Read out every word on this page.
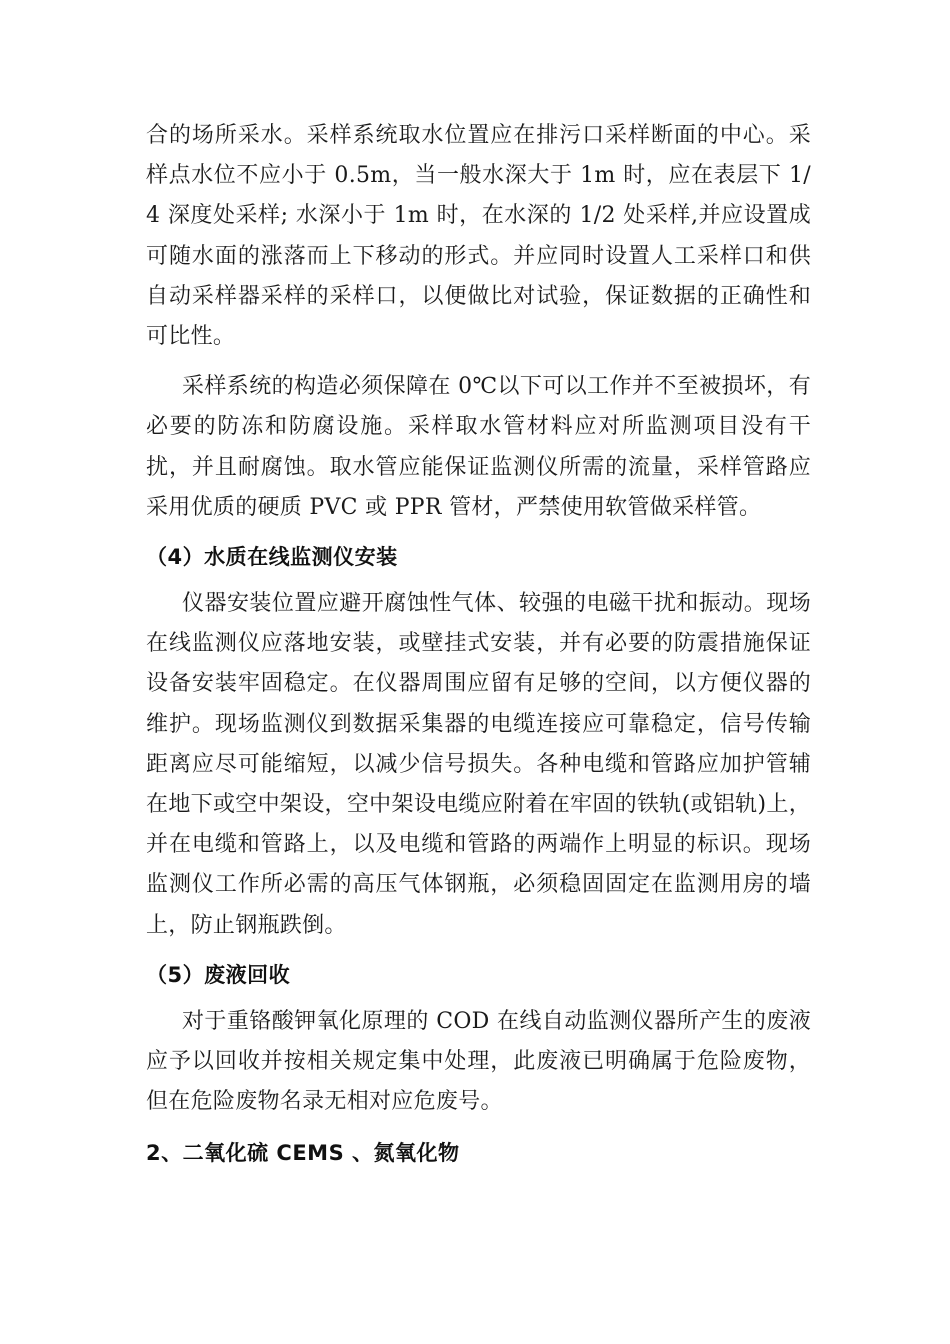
合的场所采水。采样系统取水位置应在排污口采样断面的中心。采样点水位不应小于 0.5m，当一般水深大于 1m 时，应在表层下 1/4 深度处采样; 水深小于 1m 时，在水深的 1/2 处采样,并应设置成可随水面的涨落而上下移动的形式。并应同时设置人工采样口和供自动采样器采样的采样口，以便做比对试验，保证数据的正确性和可比性。

采样系统的构造必须保障在 0℃以下可以工作并不至被损坏，有必要的防冻和防腐设施。采样取水管材料应对所监测项目没有干扰，并且耐腐蚀。取水管应能保证监测仪所需的流量，采样管路应采用优质的硬质 PVC 或 PPR 管材，严禁使用软管做采样管。

（4）水质在线监测仪安装

仪器安装位置应避开腐蚀性气体、较强的电磁干扰和振动。现场在线监测仪应落地安装，或壁挂式安装，并有必要的防震措施保证设备安装牢固稳定。在仪器周围应留有足够的空间，以方便仪器的维护。现场监测仪到数据采集器的电缆连接应可靠稳定，信号传输距离应尽可能缩短，以减少信号损失。各种电缆和管路应加护管辅在地下或空中架设，空中架设电缆应附着在牢固的铁轨(或铝轨)上，并在电缆和管路上，以及电缆和管路的两端作上明显的标识。现场监测仪工作所必需的高压气体钢瓶，必须稳固固定在监测用房的墙上，防止钢瓶跌倒。

（5）废液回收

对于重铬酸钾氧化原理的 COD 在线自动监测仪器所产生的废液应予以回收并按相关规定集中处理，此废液已明确属于危险废物，但在危险废物名录无相对应危废号。

2、二氧化硫 CEMS 、氮氧化物
